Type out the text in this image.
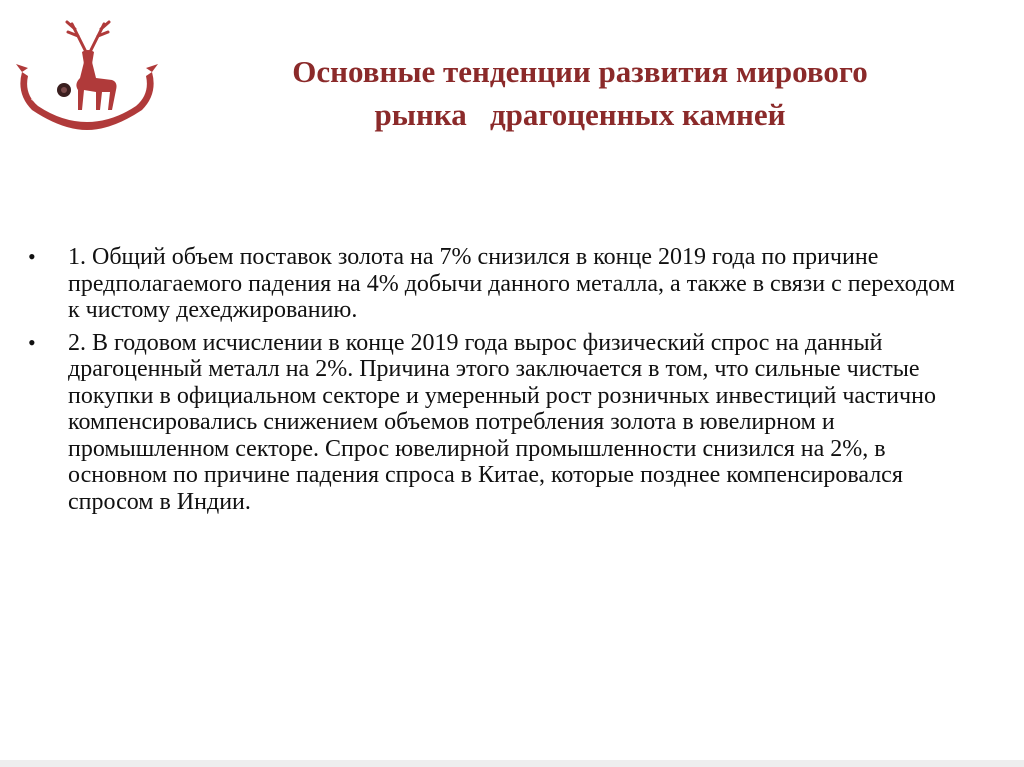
жегородский губернский колле
Основные тенденции развития мирового
рынка   драгоценных камней
•	1. Общий объем поставок золота на 7% снизился в конце 2019 года по причине предполагаемого падения на 4% добычи данного металла, а также в связи с переходом к чистому дехеджированию.
•	2. В годовом исчислении в конце 2019 года вырос физический спрос на данный драгоценный металл на 2%. Причина этого заключается в том, что сильные чистые покупки в официальном секторе и умеренный рост розничных инвестиций частично компенсировались снижением объемов потребления золота в ювелирном и промышленном секторе. Спрос ювелирной промышленности снизился на 2%, в основном по причине падения спроса в Китае, которые позднее компенсировался спросом в Индии.
